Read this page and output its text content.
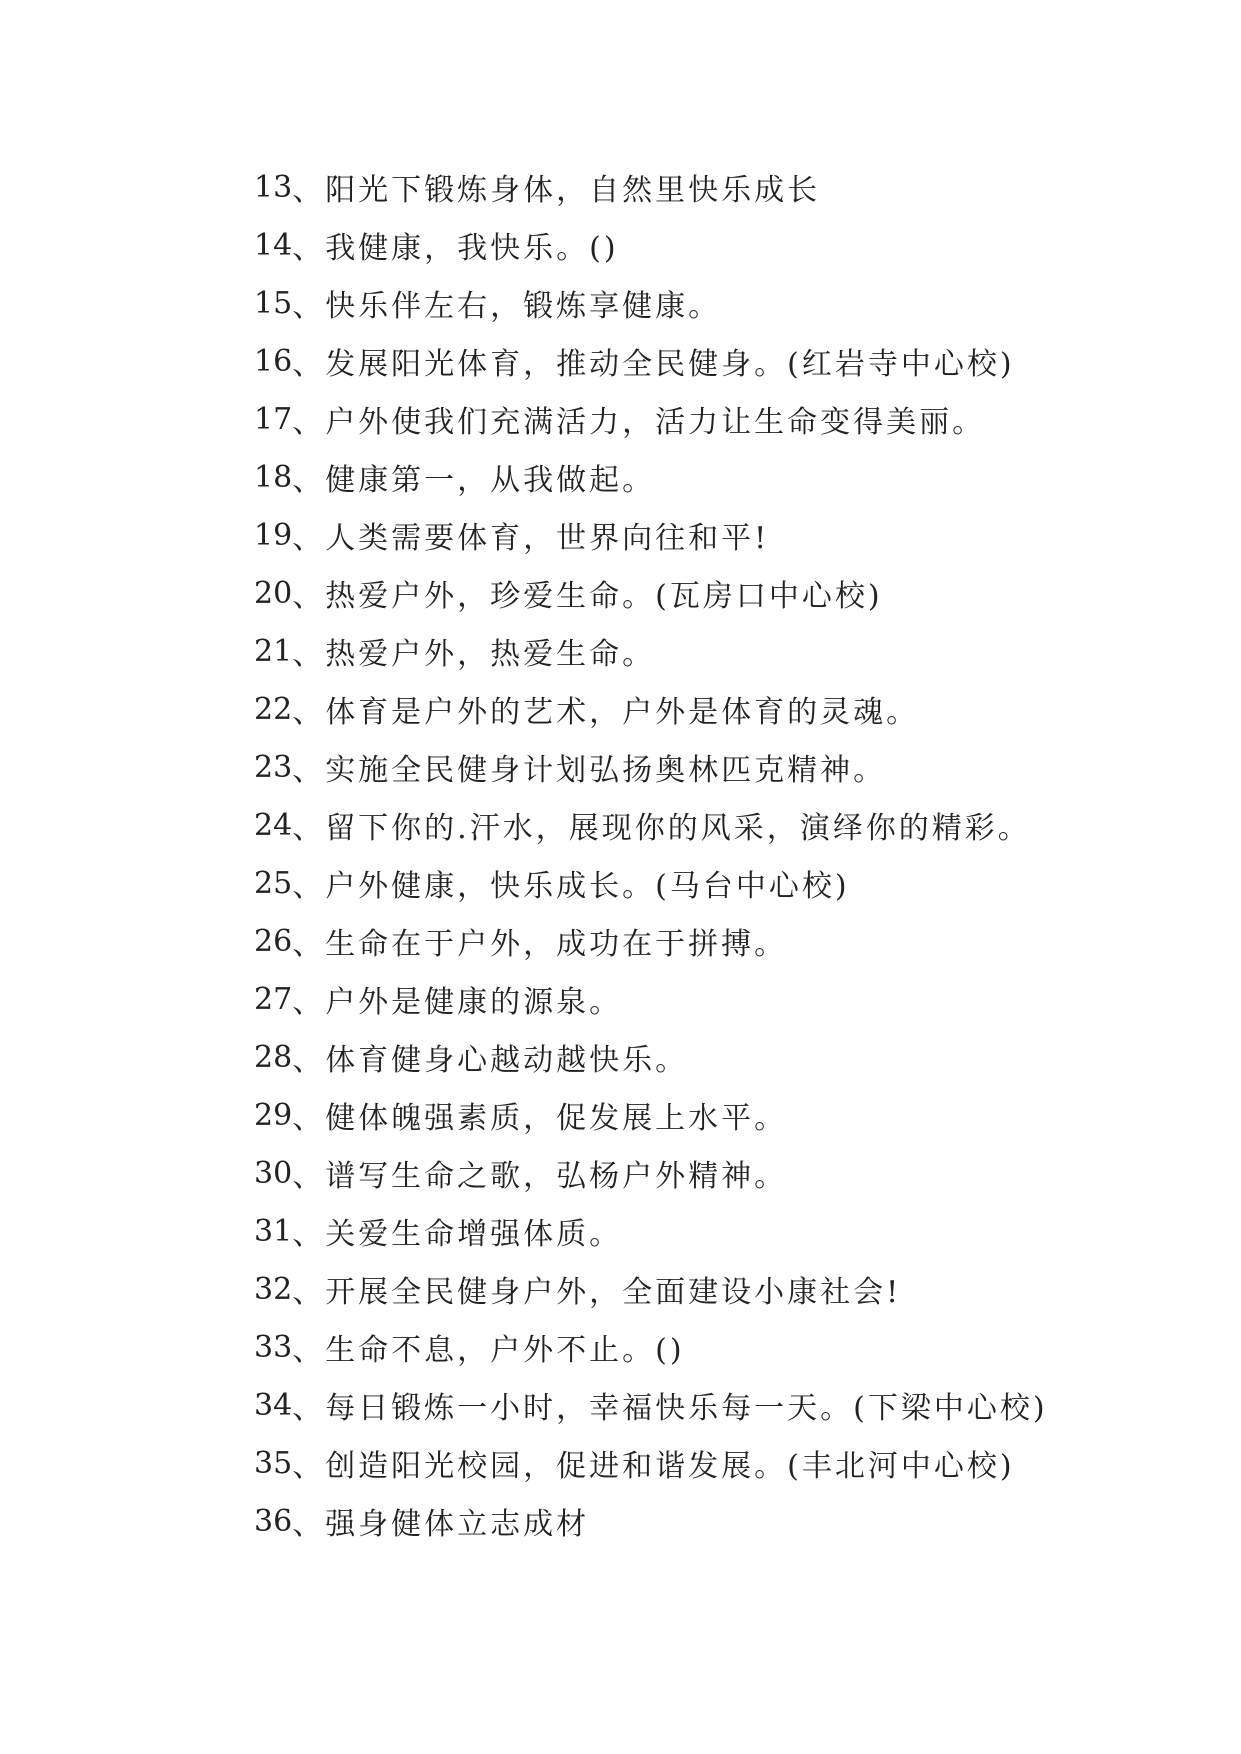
13 、 阳光下锻炼身体，自然里快乐成长
14 、 我健康，我快乐。()
15 、 快乐伴左右，锻炼享健康。
16 、 发展阳光体育，推动全民健身。(红岩寺中心校)
17 、 户外使我们充满活力，活力让生命变得美丽。
18 、 健康第一，从我做起。
19 、 人类需要体育，世界向往和平!
20 、 热爱户外，珍爱生命。(瓦房口中心校)
21 、 热爱户外，热爱生命。
22 、 体育是户外的艺术，户外是体育的灵魂。
23 、 实施全民健身计划弘扬奥林匹克精神。
24 、 留下你的.汗水，展现你的风采，演绎你的精彩。
25 、 户外健康，快乐成长。(马台中心校)
26 、 生命在于户外，成功在于拼搏。
27 、 户外是健康的源泉。
28 、 体育健身心越动越快乐。
29 、 健体魄强素质，促发展上水平。
30 、 谱写生命之歌，弘杨户外精神。
31 、 关爱生命增强体质。
32 、 开展全民健身户外，全面建设小康社会!
33 、 生命不息，户外不止。()
34 、 每日锻炼一小时，幸福快乐每一天。(下梁中心校)
35 、 创造阳光校园，促进和谐发展。(丰北河中心校)
36 、 强身健体立志成材
